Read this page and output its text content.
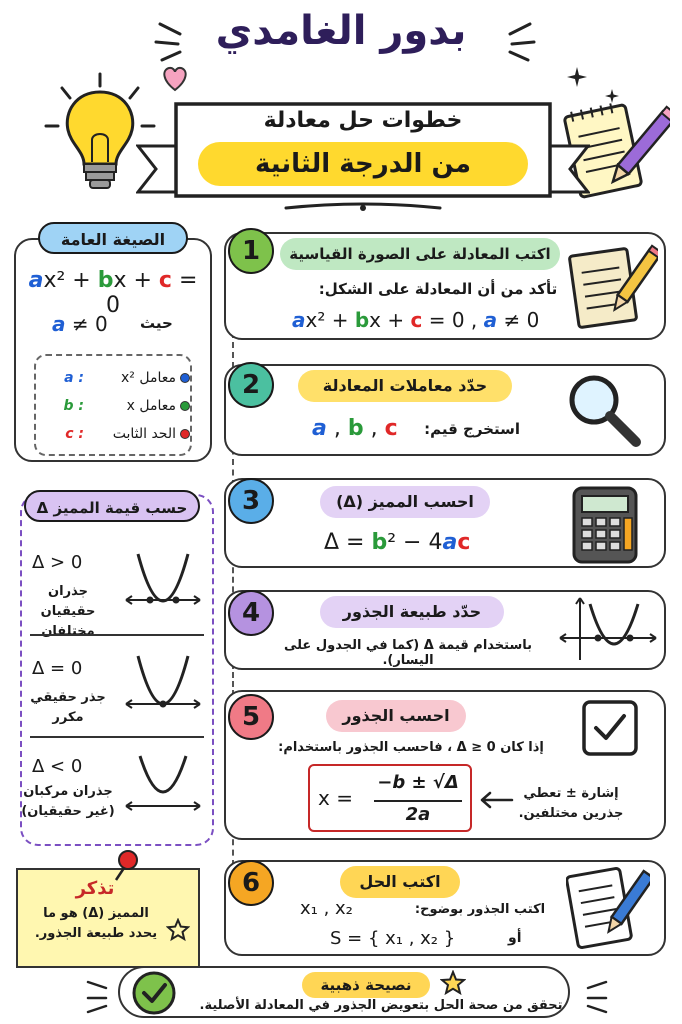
بدور الغامدي
خطوات حل معادلة
من الدرجة الثانية
الصيغة العامة
ax² + bx + c = 0
حيث
a ≠ 0
معامل x²
a :
معامل x
b :
الحد الثابت
c :
حسب قيمة المميز Δ
Δ > 0
جذران حقيقيان مختلفان
Δ = 0
جذر حقيقي مكرر
Δ < 0
جذران مركبان (غير حقيقيان)
تذكر
المميز (Δ) هو ما يحدد طبيعة الجذور.
1	اكتب المعادلة على الصورة القياسية
تأكد من أن المعادلة على الشكل:
ax² + bx + c = 0 , a ≠ 0
2	حدّد معاملات المعادلة
استخرج قيم:
a , b , c
3	احسب المميز (Δ)
Δ = b² − 4ac
4	حدّد طبيعة الجذور
باستخدام قيمة Δ (كما في الجدول على اليسار).
5	احسب الجذور
إذا كان Δ ≥ 0 ، فاحسب الجذور باستخدام:
x =
−b ± √Δ
2a
إشارة ± تعطي جذرين مختلفين.
6	اكتب الحل
اكتب الجذور بوضوح:
x₁ , x₂
أو
S = { x₁ , x₂ }
نصيحة ذهبية
تحقق من صحة الحل بتعويض الجذور في المعادلة الأصلية.
